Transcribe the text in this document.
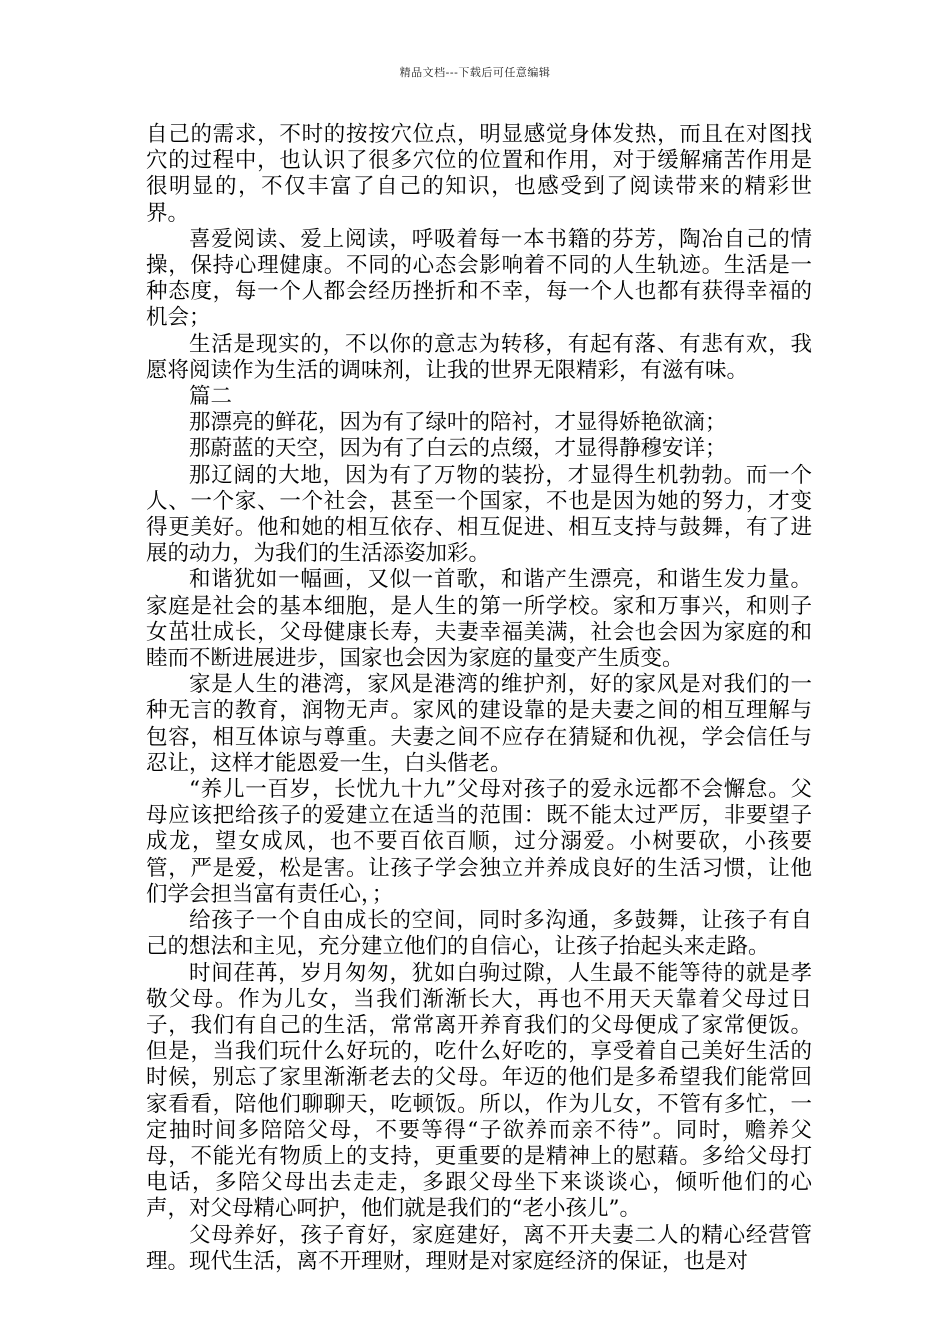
精品文档---下载后可任意编辑

自己的需求，不时的按按穴位点，明显感觉身体发热，而且在对图找穴的过程中，也认识了很多穴位的位置和作用，对于缓解痛苦作用是很明显的，不仅丰富了自己的知识，也感受到了阅读带来的精彩世界。

喜爱阅读、爱上阅读，呼吸着每一本书籍的芬芳，陶冶自己的情操，保持心理健康。不同的心态会影响着不同的人生轨迹。生活是一种态度，每一个人都会经历挫折和不幸，每一个人也都有获得幸福的机会；

生活是现实的，不以你的意志为转移，有起有落、有悲有欢，我愿将阅读作为生活的调味剂，让我的世界无限精彩，有滋有味。

篇二

那漂亮的鲜花，因为有了绿叶的陪衬，才显得娇艳欲滴；

那蔚蓝的天空，因为有了白云的点缀，才显得静穆安详；

那辽阔的大地，因为有了万物的装扮，才显得生机勃勃。而一个人、一个家、一个社会，甚至一个国家，不也是因为她的努力，才变得更美好。他和她的相互依存、相互促进、相互支持与鼓舞，有了进展的动力，为我们的生活添姿加彩。

和谐犹如一幅画，又似一首歌，和谐产生漂亮，和谐生发力量。家庭是社会的基本细胞，是人生的第一所学校。家和万事兴，和则子女茁壮成长，父母健康长寿，夫妻幸福美满，社会也会因为家庭的和睦而不断进展进步，国家也会因为家庭的量变产生质变。

家是人生的港湾，家风是港湾的维护剂，好的家风是对我们的一种无言的教育，润物无声。家风的建设靠的是夫妻之间的相互理解与包容，相互体谅与尊重。夫妻之间不应存在猜疑和仇视，学会信任与忍让，这样才能恩爱一生，白头偕老。

“养儿一百岁，长忧九十九”父母对孩子的爱永远都不会懈怠。父母应该把给孩子的爱建立在适当的范围：既不能太过严厉，非要望子成龙，望女成凤，也不要百依百顺，过分溺爱。小树要砍，小孩要管，严是爱，松是害。让孩子学会独立并养成良好的生活习惯，让他们学会担当富有责任心，；

给孩子一个自由成长的空间，同时多沟通，多鼓舞，让孩子有自己的想法和主见，充分建立他们的自信心，让孩子抬起头来走路。

时间荏苒，岁月匆匆，犹如白驹过隙，人生最不能等待的就是孝敬父母。作为儿女，当我们渐渐长大，再也不用天天靠着父母过日子，我们有自己的生活，常常离开养育我们的父母便成了家常便饭。但是，当我们玩什么好玩的，吃什么好吃的，享受着自己美好生活的时候，别忘了家里渐渐老去的父母。年迈的他们是多希望我们能常回家看看，陪他们聊聊天，吃顿饭。所以，作为儿女，不管有多忙，一定抽时间多陪陪父母，不要等得“子欲养而亲不待”。同时，赡养父母，不能光有物质上的支持，更重要的是精神上的慰藉。多给父母打电话，多陪父母出去走走，多跟父母坐下来谈谈心，倾听他们的心声，对父母精心呵护，他们就是我们的“老小孩儿”。

父母养好，孩子育好，家庭建好，离不开夫妻二人的精心经营管理。现代生活，离不开理财，理财是对家庭经济的保证，也是对
